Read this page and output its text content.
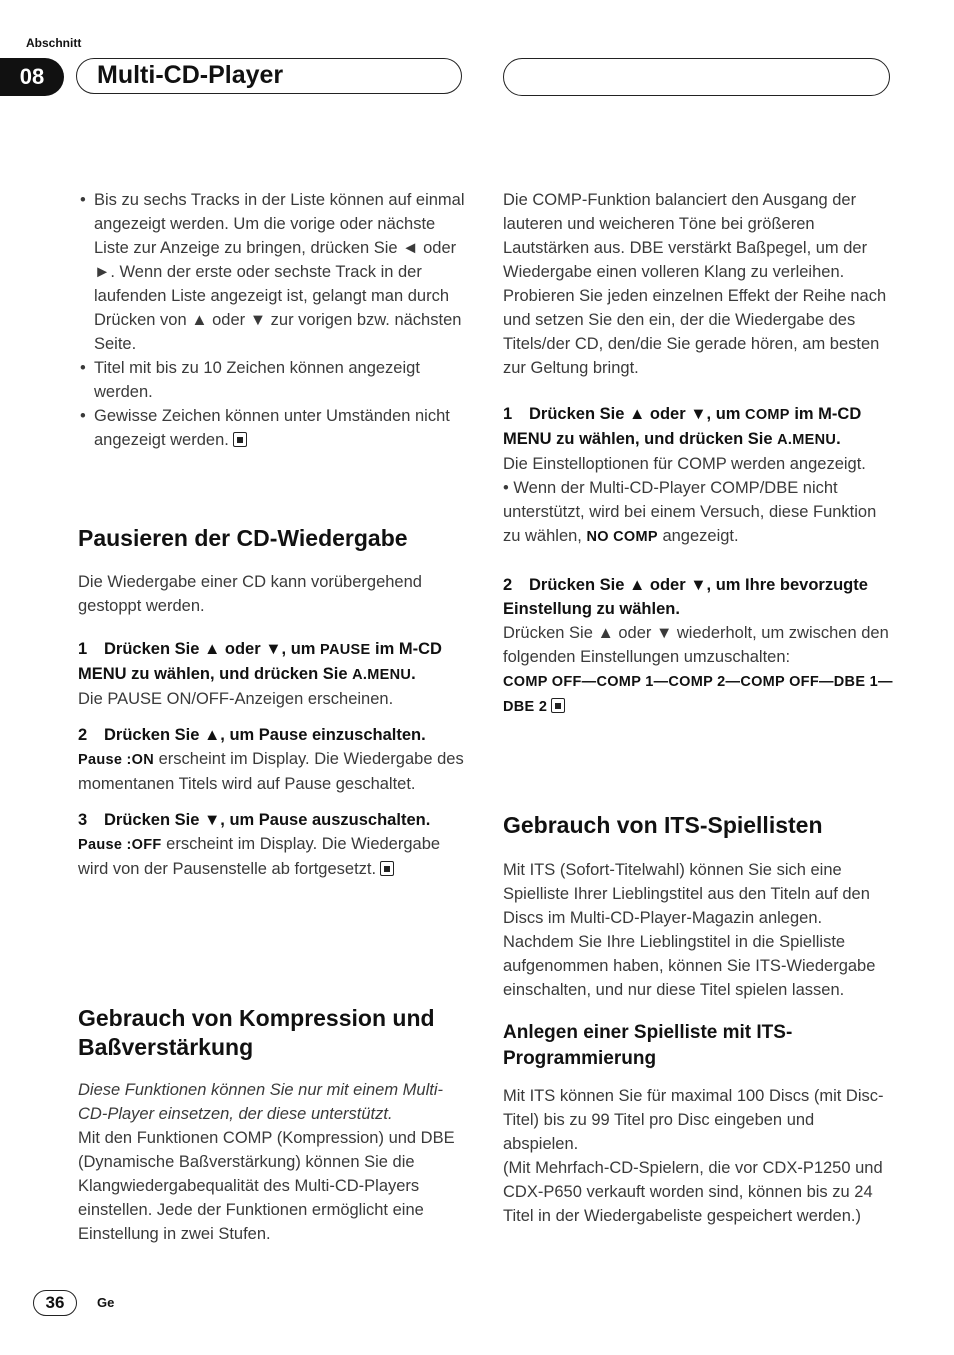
Abschnitt
08	Multi-CD-Player
• Bis zu sechs Tracks in der Liste können auf einmal angezeigt werden. Um die vorige oder nächste Liste zur Anzeige zu bringen, drücken Sie ◄ oder ►. Wenn der erste oder sechste Track in der laufenden Liste angezeigt ist, gelangt man durch Drücken von ▲ oder ▼ zur vorigen bzw. nächsten Seite.
• Titel mit bis zu 10 Zeichen können angezeigt werden.
• Gewisse Zeichen können unter Umständen nicht angezeigt werden.
Pausieren der CD-Wiedergabe

Die Wiedergabe einer CD kann vorübergehend gestoppt werden.

1 Drücken Sie ▲ oder ▼, um PAUSE im M-CD MENU zu wählen, und drücken Sie A.MENU.

Die PAUSE ON/OFF-Anzeigen erscheinen.

2 Drücken Sie ▲, um Pause einzuschalten.

Pause :ON erscheint im Display. Die Wiedergabe des momentanen Titels wird auf Pause geschaltet.

3 Drücken Sie ▼, um Pause auszuschalten.

Pause :OFF erscheint im Display. Die Wiedergabe wird von der Pausenstelle ab fortgesetzt.

Gebrauch von Kompression und Baßverstärkung

Diese Funktionen können Sie nur mit einem Multi-CD-Player einsetzen, der diese unterstützt.

Mit den Funktionen COMP (Kompression) und DBE (Dynamische Baßverstärkung) können Sie die Klangwiedergabequalität des Multi-CD-Players einstellen. Jede der Funktionen ermöglicht eine Einstellung in zwei Stufen.

Die COMP-Funktion balanciert den Ausgang der lauteren und weicheren Töne bei größeren Lautstärken aus. DBE verstärkt Baßpegel, um der Wiedergabe einen volleren Klang zu verleihen. Probieren Sie jeden einzelnen Effekt der Reihe nach und setzen Sie den ein, der die Wiedergabe des Titels/der CD, den/die Sie gerade hören, am besten zur Geltung bringt.

1 Drücken Sie ▲ oder ▼, um COMP im M-CD MENU zu wählen, und drücken Sie A.MENU.

Die Einstelloptionen für COMP werden angezeigt.

• Wenn der Multi-CD-Player COMP/DBE nicht unterstützt, wird bei einem Versuch, diese Funktion zu wählen, NO COMP angezeigt.

2 Drücken Sie ▲ oder ▼, um Ihre bevorzugte Einstellung zu wählen.

Drücken Sie ▲ oder ▼ wiederholt, um zwischen den folgenden Einstellungen umzuschalten:

COMP OFF—COMP 1—COMP 2—COMP OFF—DBE 1—DBE 2

Gebrauch von ITS-Spiellisten

Mit ITS (Sofort-Titelwahl) können Sie sich eine Spielliste Ihrer Lieblingstitel aus den Titeln auf den Discs im Multi-CD-Player-Magazin anlegen. Nachdem Sie Ihre Lieblingstitel in die Spielliste aufgenommen haben, können Sie ITS-Wiedergabe einschalten, und nur diese Titel spielen lassen.

Anlegen einer Spielliste mit ITS-Programmierung

Mit ITS können Sie für maximal 100 Discs (mit Disc-Titel) bis zu 99 Titel pro Disc eingeben und abspielen.

(Mit Mehrfach-CD-Spielern, die vor CDX-P1250 und CDX-P650 verkauft worden sind, können bis zu 24 Titel in der Wiedergabeliste gespeichert werden.)

36	Ge
